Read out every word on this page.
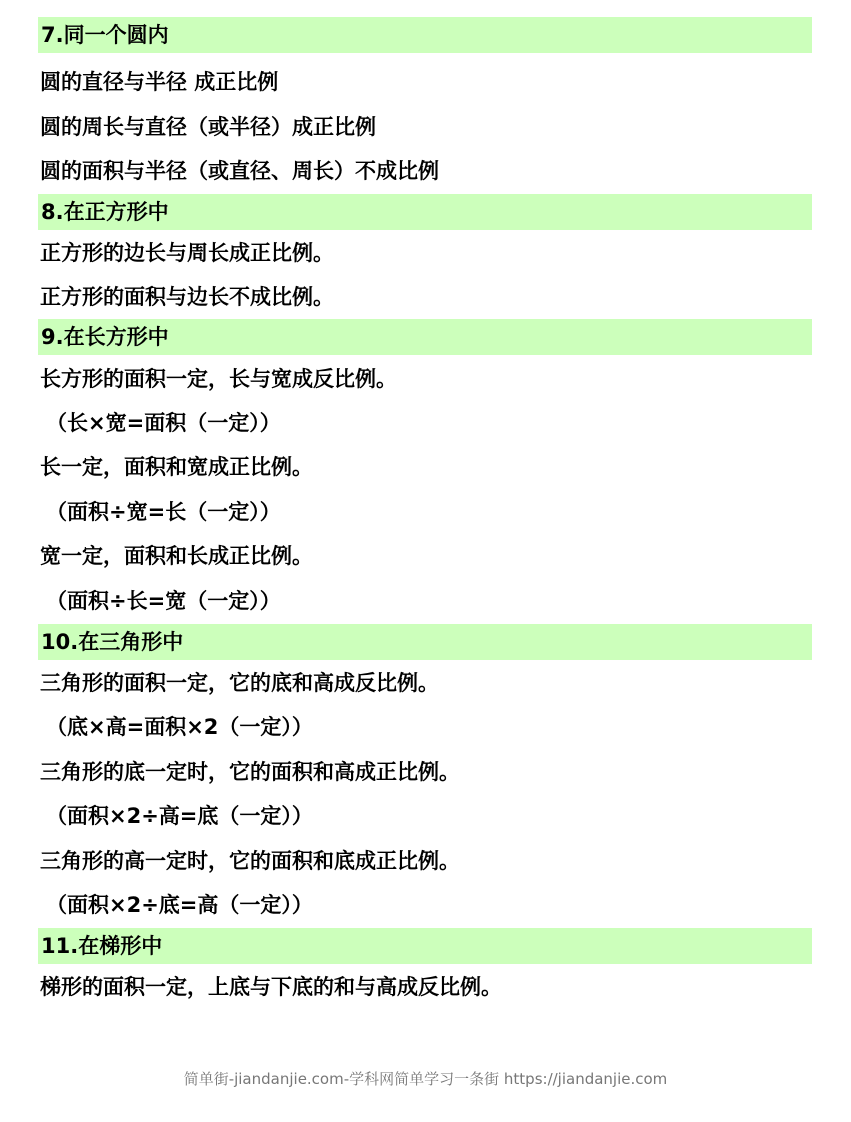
7.同一个圆内
圆的直径与半径 成正比例
圆的周长与直径（或半径）成正比例
圆的面积与半径（或直径、周长）不成比例
8.在正方形中
正方形的边长与周长成正比例。
正方形的面积与边长不成比例。
9.在长方形中
长方形的面积一定，长与宽成反比例。
（长×宽=面积（一定））
长一定，面积和宽成正比例。
（面积÷宽=长（一定））
宽一定，面积和长成正比例。
（面积÷长=宽（一定））
10.在三角形中
三角形的面积一定，它的底和高成反比例。
（底×高=面积×2（一定））
三角形的底一定时，它的面积和高成正比例。
（面积×2÷高=底（一定））
三角形的高一定时，它的面积和底成正比例。
（面积×2÷底=高（一定））
11.在梯形中
梯形的面积一定，上底与下底的和与高成反比例。
简单街-jiandanjie.com-学科网简单学习一条街 https://jiandanjie.com
